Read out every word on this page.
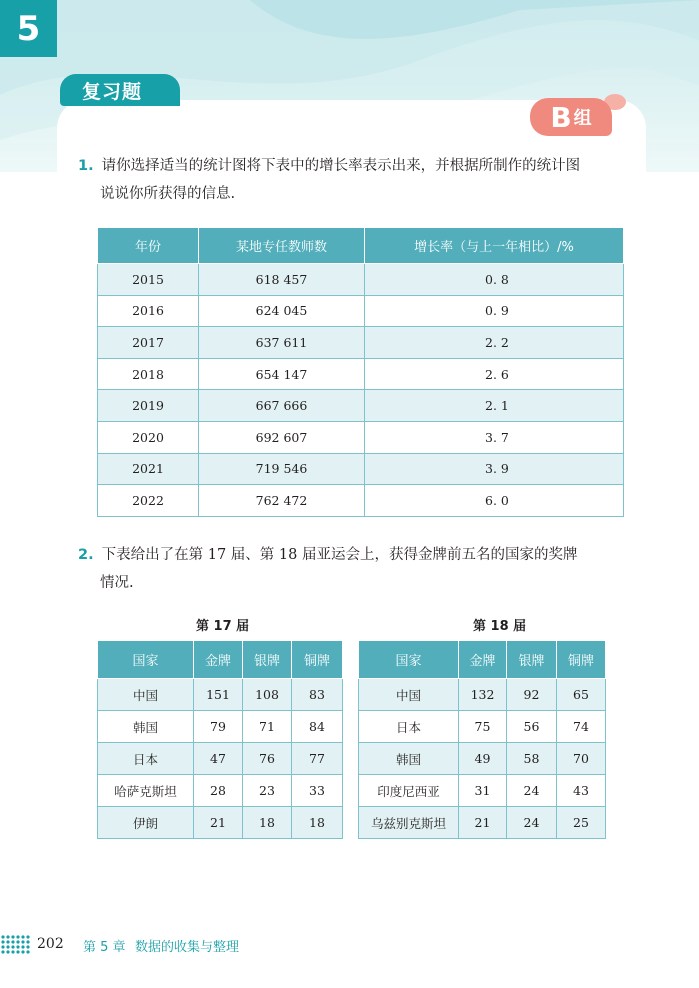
5
复习题
B 组
1. 请你选择适当的统计图将下表中的增长率表示出来，并根据所制作的统计图
说说你所获得的信息.
年份	某地专任教师数	增长率（与上一年相比）/%
2015	618 457	0. 8
2016	624 045	0. 9
2017	637 611	2. 2
2018	654 147	2. 6
2019	667 666	2. 1
2020	692 607	3. 7
2021	719 546	3. 9
2022	762 472	6. 0
2. 下表给出了在第 17 届、第 18 届亚运会上，获得金牌前五名的国家的奖牌
情况.
第 17 届	第 18 届
国家	金牌	银牌	铜牌
中国	151	108	83
韩国	79	71	84
日本	47	76	77
哈萨克斯坦	28	23	33
伊朗	21	18	18
国家	金牌	银牌	铜牌
中国	132	92	65
日本	75	56	74
韩国	49	58	70
印度尼西亚	31	24	43
乌兹别克斯坦	21	24	25
202 第 5 章 数据的收集与整理
